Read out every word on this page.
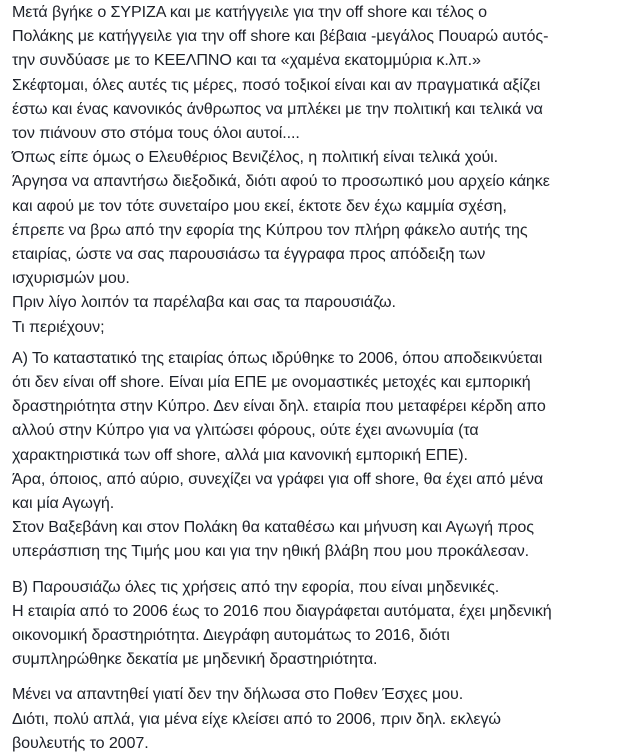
Μετά βγήκε ο ΣΥΡΙΖΑ και με κατήγγειλε για την off shore και τέλος ο
Πολάκης με κατήγγειλε για την off shore και βέβαια -μεγάλος Πουαρώ αυτός-
την συνδύασε με το ΚΕΕΛΠΝΟ και τα «χαμένα εκατομμύρια κ.λπ.»
Σκέφτομαι, όλες αυτές τις μέρες, ποσό τοξικοί είναι και αν πραγματικά αξίζει
έστω και ένας κανονικός άνθρωπος να μπλέκει με την πολιτική και τελικά να
τον πιάνουν στο στόμα τους όλοι αυτοί....
Όπως είπε όμως ο Ελευθέριος Βενιζέλος, η πολιτική είναι τελικά χούι.
Άργησα να απαντήσω διεξοδικά, διότι αφού το προσωπικό μου αρχείο κάηκε
και αφού με τον τότε συνεταίρο μου εκεί, έκτοτε δεν έχω καμμία σχέση,
έπρεπε να βρω από την εφορία της Κύπρου τον πλήρη φάκελο αυτής της
εταιρίας, ώστε να σας παρουσιάσω τα έγγραφα προς απόδειξη των
ισχυρισμών μου.
Πριν λίγο λοιπόν τα παρέλαβα και σας τα παρουσιάζω.
Τι περιέχουν;

Α) Το καταστατικό της εταιρίας όπως ιδρύθηκε το 2006, όπου αποδεικνύεται
ότι δεν είναι off shore. Είναι μία ΕΠΕ με ονομαστικές μετοχές και εμπορική
δραστηριότητα στην Κύπρο. Δεν είναι δηλ. εταιρία που μεταφέρει κέρδη απο
αλλού στην Κύπρο για να γλιτώσει φόρους, ούτε έχει ανωνυμία (τα
χαρακτηριστικά των off shore, αλλά μια κανονική εμπορική ΕΠΕ).
Άρα, όποιος, από αύριο, συνεχίζει να γράφει για off shore, θα έχει από μένα
και μία Αγωγή.
Στον Βαξεβάνη και στον Πολάκη θα καταθέσω και μήνυση και Αγωγή προς
υπεράσπιση της Τιμής μου και για την ηθική βλάβη που μου προκάλεσαν.

Β) Παρουσιάζω όλες τις χρήσεις από την εφορία, που είναι μηδενικές.
Η εταιρία από το 2006 έως το 2016 που διαγράφεται αυτόματα, έχει μηδενική
οικονομική δραστηριότητα. Διεγράφη αυτομάτως το 2016, διότι
συμπληρώθηκε δεκατία με μηδενική δραστηριότητα.

Μένει να απαντηθεί γιατί δεν την δήλωσα στο Ποθεν Έσχες μου.
Διότι, πολύ απλά, για μένα είχε κλείσει από το 2006, πριν δηλ. εκλεγώ
βουλευτής το 2007.
